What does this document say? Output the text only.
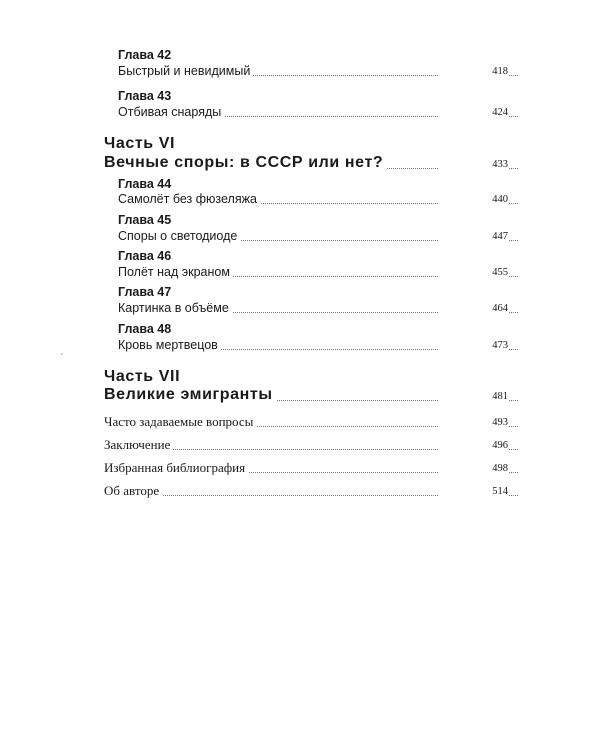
Глава 42
Быстрый и невидимый	418
Глава 43
Отбивая снаряды	424
Часть VI
Вечные споры: в СССР или нет?	433
Глава 44
Самолёт без фюзеляжа	440
Глава 45
Споры о светодиоде	447
Глава 46
Полёт над экраном	455
Глава 47
Картинка в объёме	464
Глава 48
Кровь мертвецов	473
Часть VII
Великие эмигранты	481
Часто задаваемые вопросы	493
Заключение	496
Избранная библиография	498
Об авторе	514
